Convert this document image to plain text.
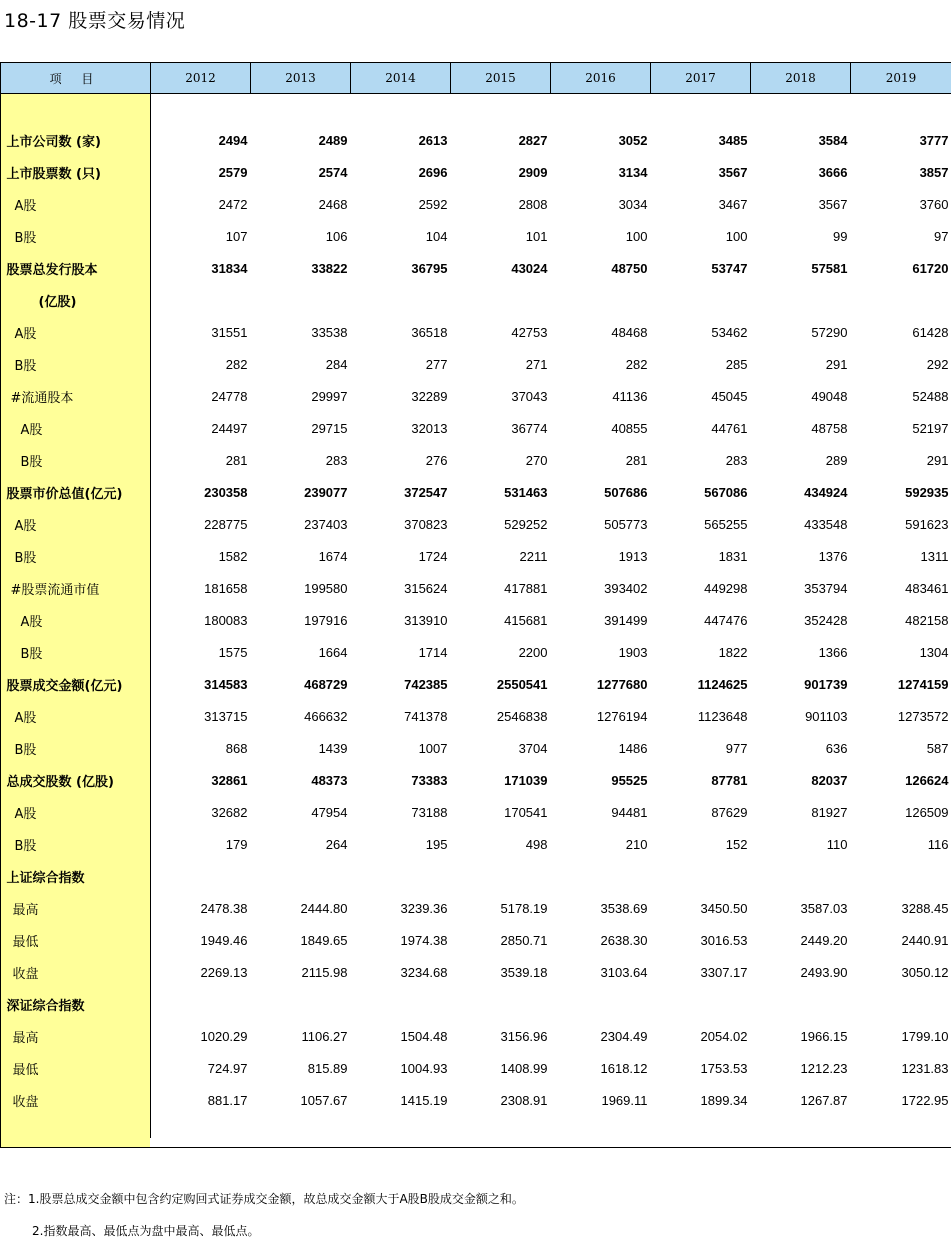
18-17 股票交易情况
项 目	2012	2013	2014	2015	2016	2017	2018	2019

上市公司数 (家)	2494	2489	2613	2827	3052	3485	3584	3777
上市股票数 (只)	2579	2574	2696	2909	3134	3567	3666	3857
A股	2472	2468	2592	2808	3034	3467	3567	3760
B股	107	106	104	101	100	100	99	97
股票总发行股本	31834	33822	36795	43024	48750	53747	57581	61720
(亿股)								
A股	31551	33538	36518	42753	48468	53462	57290	61428
B股	282	284	277	271	282	285	291	292
#流通股本	24778	29997	32289	37043	41136	45045	49048	52488
A股	24497	29715	32013	36774	40855	44761	48758	52197
B股	281	283	276	270	281	283	289	291
股票市价总值(亿元)	230358	239077	372547	531463	507686	567086	434924	592935
A股	228775	237403	370823	529252	505773	565255	433548	591623
B股	1582	1674	1724	2211	1913	1831	1376	1311
#股票流通市值	181658	199580	315624	417881	393402	449298	353794	483461
A股	180083	197916	313910	415681	391499	447476	352428	482158
B股	1575	1664	1714	2200	1903	1822	1366	1304
股票成交金额(亿元)	314583	468729	742385	2550541	1277680	1124625	901739	1274159
A股	313715	466632	741378	2546838	1276194	1123648	901103	1273572
B股	868	1439	1007	3704	1486	977	636	587
总成交股数 (亿股)	32861	48373	73383	171039	95525	87781	82037	126624
A股	32682	47954	73188	170541	94481	87629	81927	126509
B股	179	264	195	498	210	152	110	116
上证综合指数								
最高	2478.38	2444.80	3239.36	5178.19	3538.69	3450.50	3587.03	3288.45
最低	1949.46	1849.65	1974.38	2850.71	2638.30	3016.53	2449.20	2440.91
收盘	2269.13	2115.98	3234.68	3539.18	3103.64	3307.17	2493.90	3050.12
深证综合指数								
最高	1020.29	1106.27	1504.48	3156.96	2304.49	2054.02	1966.15	1799.10
最低	724.97	815.89	1004.93	1408.99	1618.12	1753.53	1212.23	1231.83
收盘	881.17	1057.67	1415.19	2308.91	1969.11	1899.34	1267.87	1722.95

注：1.股票总成交金额中包含约定购回式证券成交金额，故总成交金额大于A股B股成交金额之和。
2.指数最高、最低点为盘中最高、最低点。
